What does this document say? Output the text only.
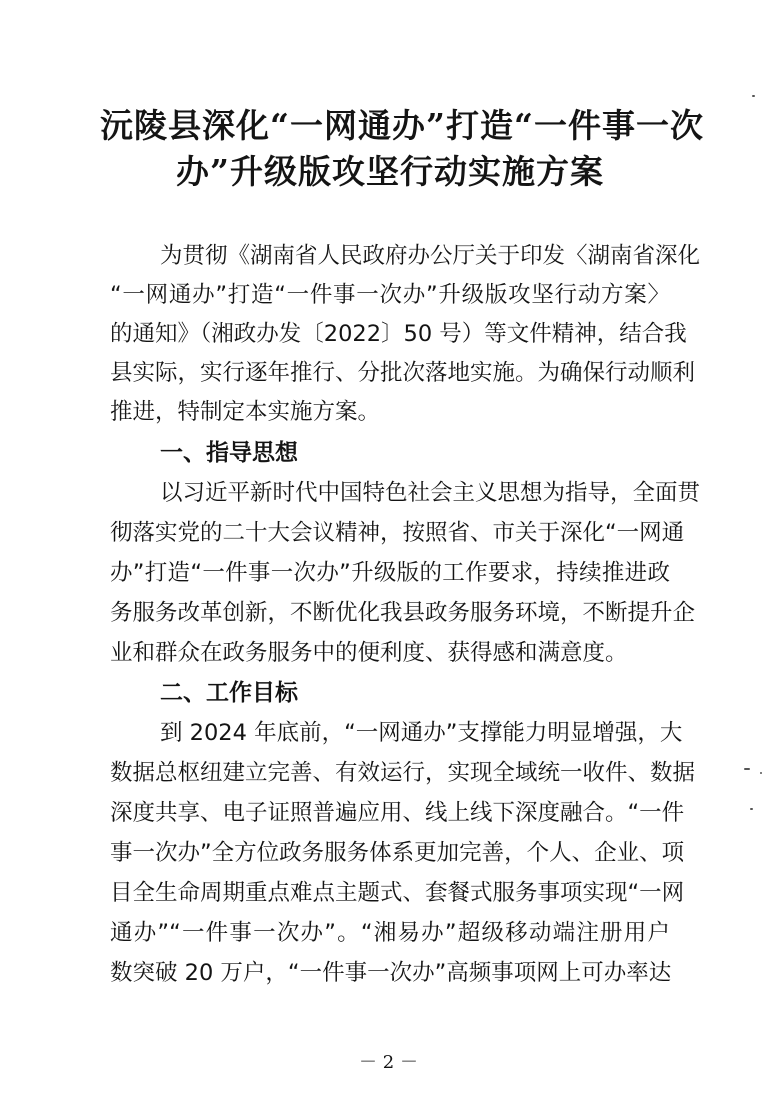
沅陵县深化“一网通办”打造“一件事一次
办”升级版攻坚行动实施方案

为贯彻《湖南省人民政府办公厅关于印发〈湖南省深化

“一网通办”打造“一件事一次办”升级版攻坚行动方案〉

的通知》（湘政办发〔2022〕50 号）等文件精神，结合我

县实际，实行逐年推行、分批次落地实施。为确保行动顺利

推进，特制定本实施方案。

一、指导思想

以习近平新时代中国特色社会主义思想为指导，全面贯

彻落实党的二十大会议精神，按照省、市关于深化“一网通

办”打造“一件事一次办”升级版的工作要求，持续推进政

务服务改革创新，不断优化我县政务服务环境，不断提升企

业和群众在政务服务中的便利度、获得感和满意度。

二、工作目标

到 2024 年底前，“一网通办”支撑能力明显增强，大

数据总枢纽建立完善、有效运行，实现全域统一收件、数据

深度共享、电子证照普遍应用、线上线下深度融合。“一件

事一次办”全方位政务服务体系更加完善，个人、企业、项

目全生命周期重点难点主题式、套餐式服务事项实现“一网

通办”“一件事一次办”。“湘易办”超级移动端注册用户

数突破 20 万户，“一件事一次办”高频事项网上可办率达

－ 2 －
